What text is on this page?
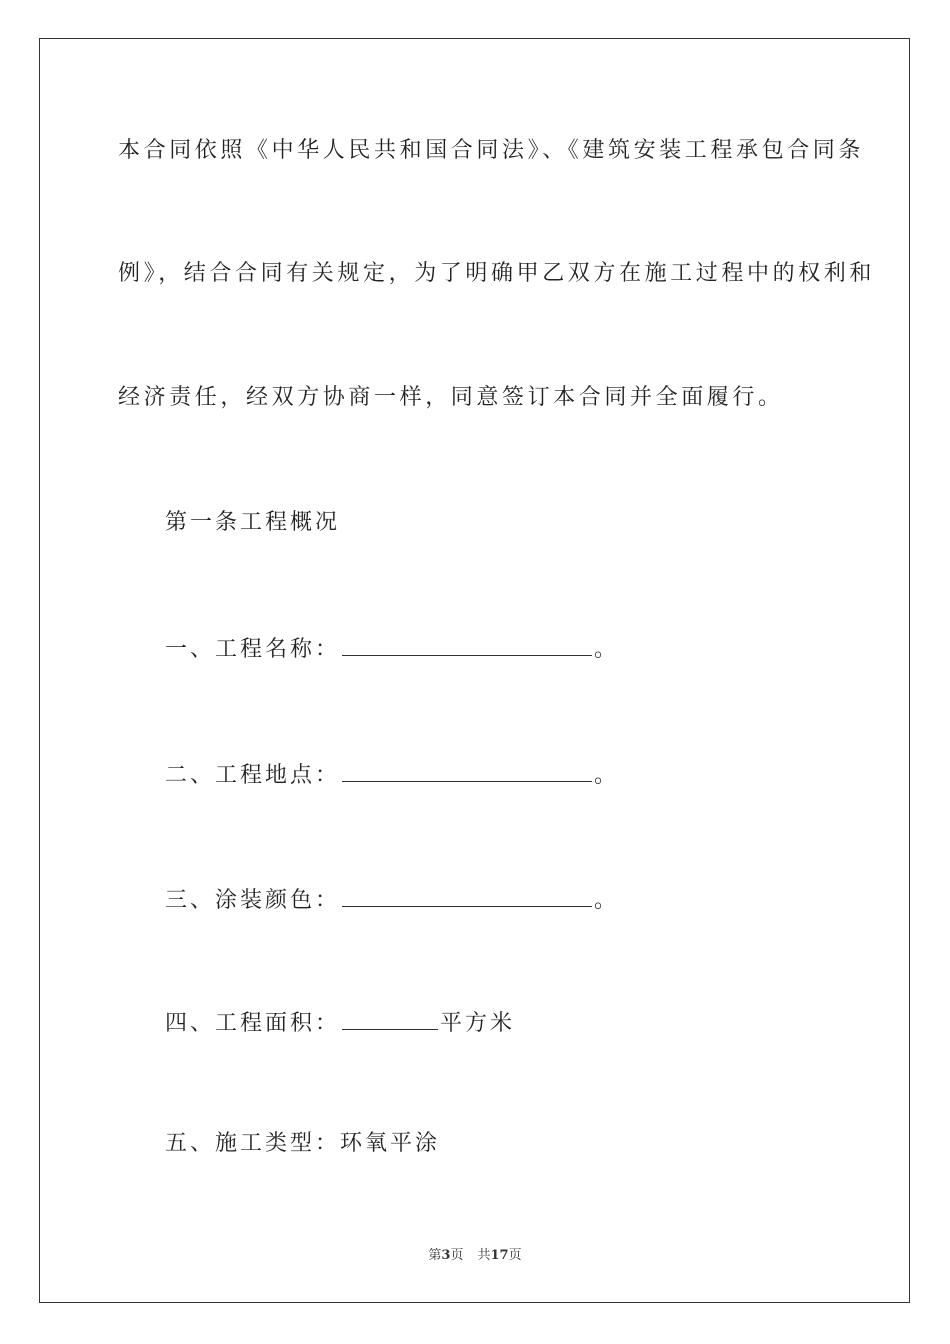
本合同依照《中华人民共和国合同法》、《建筑安装工程承包合同条
例》，结合合同有关规定，为了明确甲乙双方在施工过程中的权利和
经济责任，经双方协商一样，同意签订本合同并全面履行。
第一条工程概况
一、工程名称：	。
二、工程地点：	。
三、涂装颜色：	。
四、工程面积：	平方米
五、施工类型：环氧平涂
第3页 共17页
